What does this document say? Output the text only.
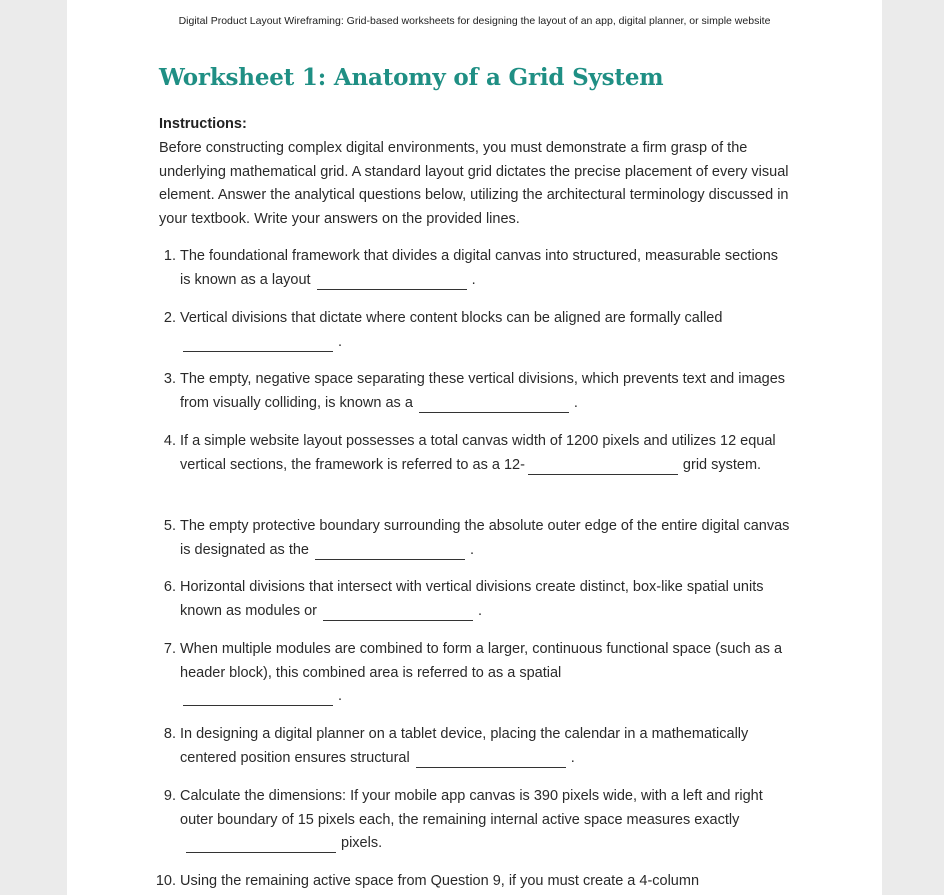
Digital Product Layout Wireframing: Grid-based worksheets for designing the layout of an app, digital planner, or simple website
Worksheet 1: Anatomy of a Grid System
Instructions:

Before constructing complex digital environments, you must demonstrate a firm grasp of the underlying mathematical grid. A standard layout grid dictates the precise placement of every visual element. Answer the analytical questions below, utilizing the architectural terminology discussed in your textbook. Write your answers on the provided lines.

1. The foundational framework that divides a digital canvas into structured, measurable sections is known as a layout	.
2. Vertical divisions that dictate where content blocks can be aligned are formally called
.
3. The empty, negative space separating these vertical divisions, which prevents text and images from visually colliding, is known as a	.
4. If a simple website layout possesses a total canvas width of 1200 pixels and utilizes 12 equal vertical sections, the framework is referred to as a 12-	grid system.
5. The empty protective boundary surrounding the absolute outer edge of the entire digital canvas is designated as the	.
6. Horizontal divisions that intersect with vertical divisions create distinct, box-like spatial units known as modules or	.
7. When multiple modules are combined to form a larger, continuous functional space (such as a header block), this combined area is referred to as a spatial
.
8. In designing a digital planner on a tablet device, placing the calendar in a mathematically centered position ensures structural	.
9. Calculate the dimensions: If your mobile app canvas is 390 pixels wide, with a left and right outer boundary of 15 pixels each, the remaining internal active space measures exactlypixels.
10. Using the remaining active space from Question 9, if you must create a 4-column
